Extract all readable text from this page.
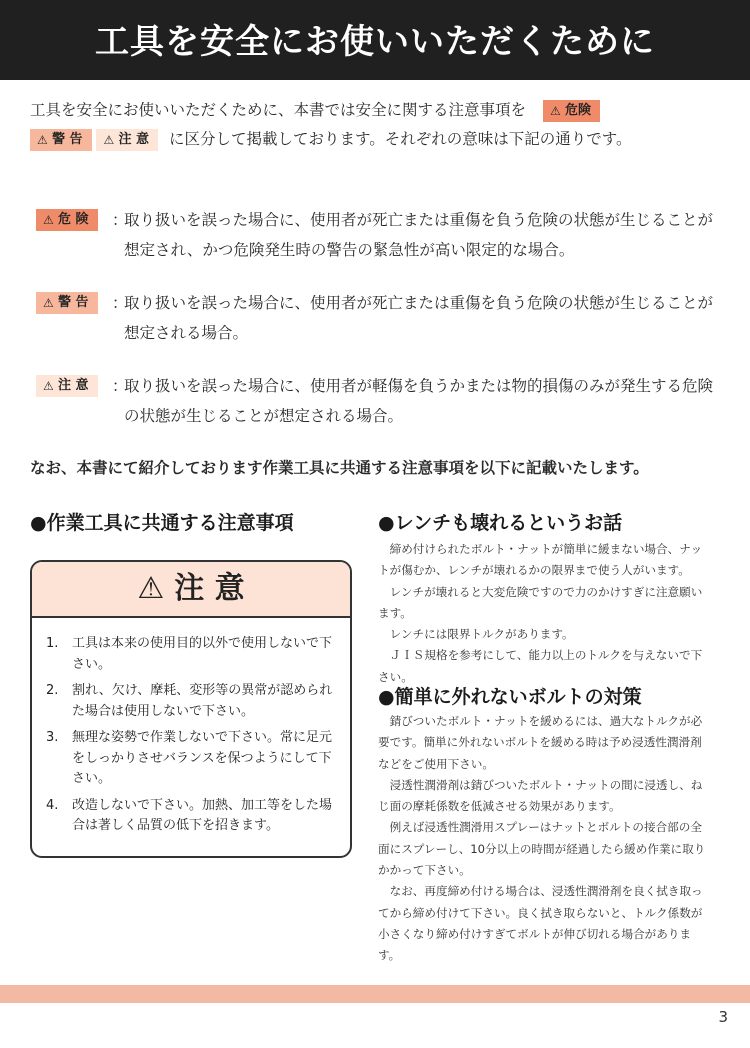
工具を安全にお使いいただくために
工具を安全にお使いいただくために、本書では安全に関する注意事項を ⚠ 危険
⚠ 警 告 ⚠ 注 意 に区分して掲載しております。それぞれの意味は下記の通りです。
⚠ 危 険	：
取り扱いを誤った場合に、使用者が死亡または重傷を負う危険の状態が生じることが想定され、かつ危険発生時の警告の緊急性が高い限定的な場合。
⚠ 警 告	：
取り扱いを誤った場合に、使用者が死亡または重傷を負う危険の状態が生じることが想定される場合。
⚠ 注 意	：
取り扱いを誤った場合に、使用者が軽傷を負うかまたは物的損傷のみが発生する危険の状態が生じることが想定される場合。
なお、本書にて紹介しております作業工具に共通する注意事項を以下に記載いたします。
●作業工具に共通する注意事項
⚠ 注 意
1. 工具は本来の使用目的以外で使用しないで下さい。
2. 割れ、欠け、摩耗、変形等の異常が認められた場合は使用しないで下さい。
3. 無理な姿勢で作業しないで下さい。常に足元をしっかりさせバランスを保つようにして下さい。
4. 改造しないで下さい。加熱、加工等をした場合は著しく品質の低下を招きます。
●レンチも壊れるというお話

締め付けられたボルト・ナットが簡単に緩まない場合、ナットが傷むか、レンチが壊れるかの限界まで使う人がいます。

レンチが壊れると大変危険ですので力のかけすぎに注意願います。

レンチには限界トルクがあります。

ＪＩＳ規格を参考にして、能力以上のトルクを与えないで下さい。

●簡単に外れないボルトの対策

錆びついたボルト・ナットを緩めるには、過大なトルクが必要です。簡単に外れないボルトを緩める時は予め浸透性潤滑剤などをご使用下さい。

浸透性潤滑剤は錆びついたボルト・ナットの間に浸透し、ねじ面の摩耗係数を低減させる効果があります。

例えば浸透性潤滑用スプレーはナットとボルトの接合部の全面にスプレーし、10分以上の時間が経過したら緩め作業に取りかかって下さい。

なお、再度締め付ける場合は、浸透性潤滑剤を良く拭き取ってから締め付けて下さい。良く拭き取らないと、トルク係数が小さくなり締め付けすぎてボルトが伸び切れる場合があります。

3
